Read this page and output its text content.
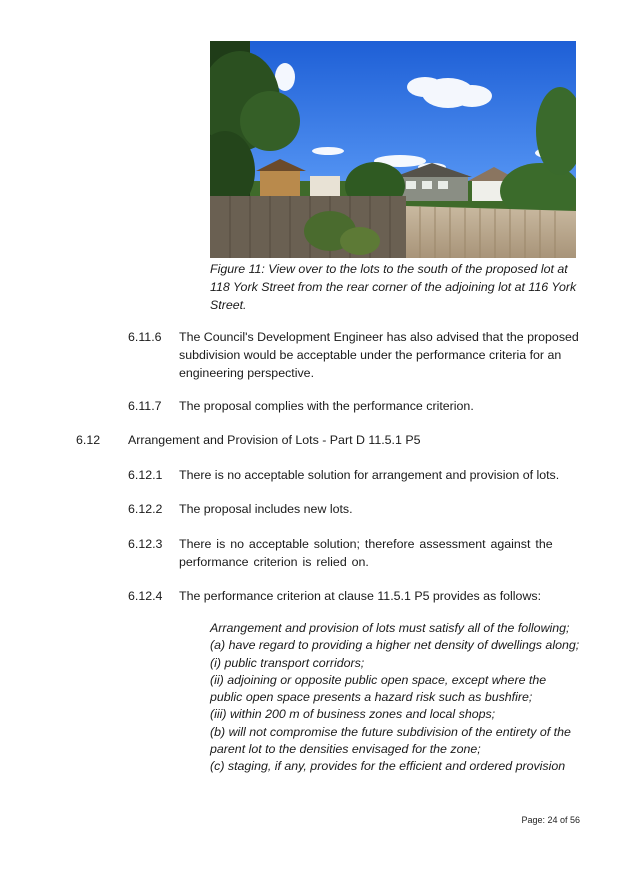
Figure 11: View over to the lots to the south of the proposed lot at 118 York Street from the rear corner of the adjoining lot at 116 York Street.
6.11.6 The Council's Development Engineer has also advised that the proposed subdivision would be acceptable under the performance criteria for an engineering perspective.
6.11.7 The proposal complies with the performance criterion.
6.12 Arrangement and Provision of Lots - Part D 11.5.1 P5
6.12.1 There is no acceptable solution for arrangement and provision of lots.
6.12.2 The proposal includes new lots.
6.12.3 There is no acceptable solution; therefore assessment against the performance criterion is relied on.
6.12.4 The performance criterion at clause 11.5.1 P5 provides as follows:
Arrangement and provision of lots must satisfy all of the following;
(a) have regard to providing a higher net density of dwellings along;
(i) public transport corridors;
(ii) adjoining or opposite public open space, except where the public open space presents a hazard risk such as bushfire;
(iii) within 200 m of business zones and local shops;
(b) will not compromise the future subdivision of the entirety of the parent lot to the densities envisaged for the zone;
(c) staging, if any, provides for the efficient and ordered provision
Page: 24 of 56
